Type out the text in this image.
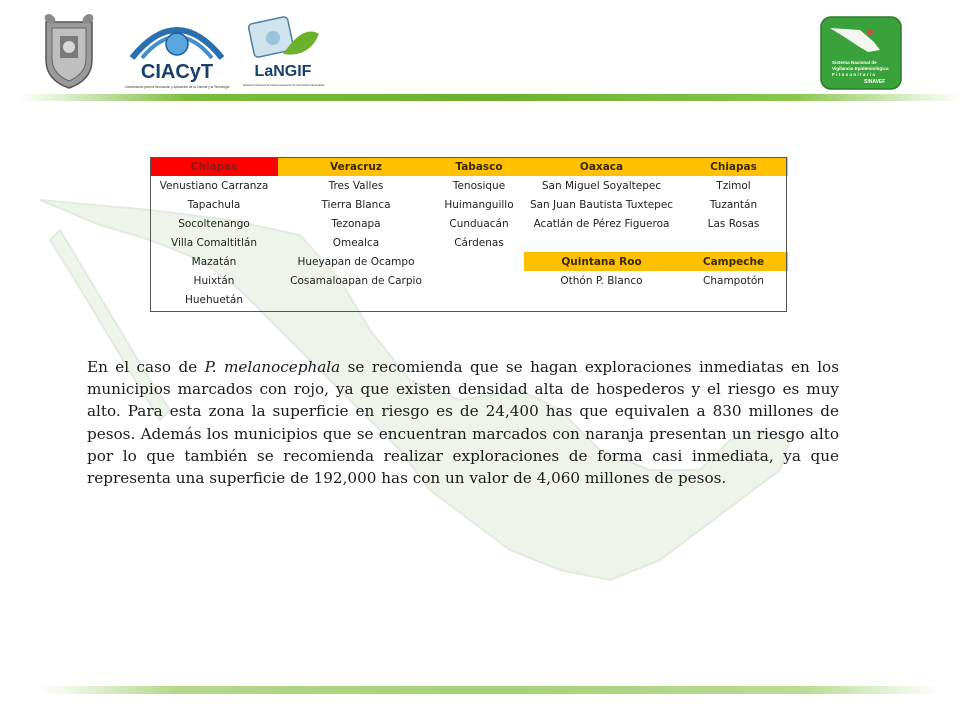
CIACyT
Coordinación para la Innovación y Aplicación de la Ciencia y la Tecnología
LaNGIF
Laboratorio Nacional de Geoprocesamiento de Información Fitosanitaria
Sistema Nacional de
Vigilancia Epidemiológica
Fitosanitaria
SINAVEF
Chiapas	Veracruz	Tabasco	Oaxaca	Chiapas
Venustiano Carranza	Tres Valles	Tenosique	San Miguel Soyaltepec	Tzimol
Tapachula	Tierra Blanca	Huimanguillo	San Juan Bautista Tuxtepec	Tuzantán
Socoltenango	Tezonapa	Cunduacán	Acatlán de Pérez Figueroa	Las Rosas
Villa Comaltitlán	Omealca	Cárdenas		
Mazatán	Hueyapan de Ocampo		Quintana Roo	Campeche
Huixtán	Cosamaloapan de Carpio		Othón P. Blanco	Champotón
Huehuetán				

En el caso de P. melanocephala se recomienda que se hagan exploraciones inmediatas en los municipios marcados con rojo, ya que existen densidad alta de hospederos y el riesgo es muy alto. Para esta zona la superficie en riesgo es de 24,400 has que equivalen a 830 millones de pesos. Además los municipios que se encuentran marcados con naranja presentan un riesgo alto por lo que también se recomienda realizar exploraciones de forma casi inmediata, ya que representa una superficie de 192,000 has con un valor de 4,060 millones de pesos.
